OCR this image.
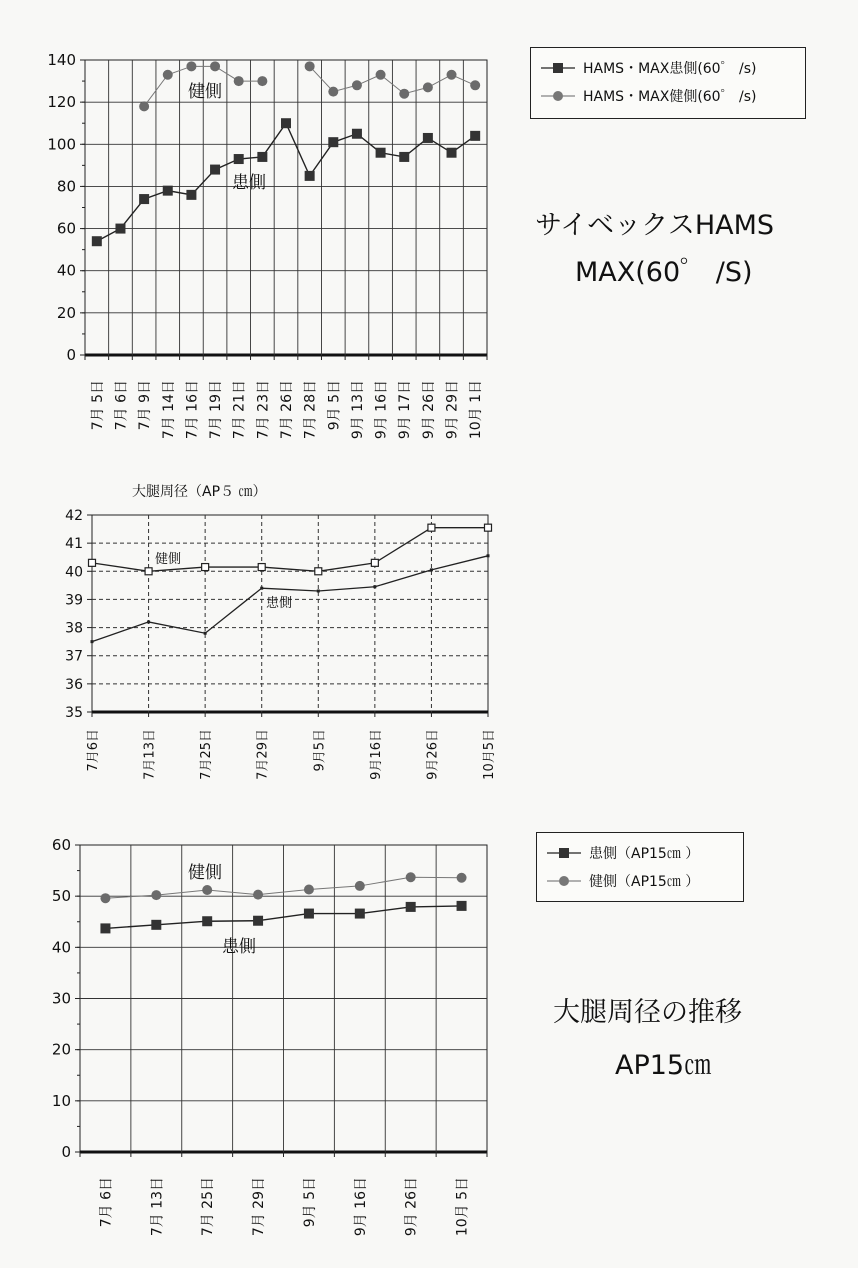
0
20
40
60
80
100
120
140
7月 5日 7月 6日 7月 9日 7月 14日 7月 16日 7月 19日 7月 21日 7月 23日 7月 26日 7月 28日 9月 5日 9月 13日 9月 16日 9月 17日 9月 26日 9月 29日 10月 1日
患側
健側
35
36
37
38
39
40
41
42
7月6日	7月13日	7月25日	7月29日	9月5日	9月16日	9月26日	10月5日
健側
患側
0
10
20
30
40
50
60
7月 6日 7月 13日 7月 25日 7月 29日 9月 5日 9月 16日 9月 26日 10月 5日
患側
健側
HAMS・MAX患側(60゜ /s)
HAMS・MAX健側(60゜ /s)
サイベックスHAMS
MAX(60゜ /S)
大腿周径（AP５ ㎝）
患側（AP15㎝ ）
健側（AP15㎝ ）
大腿周径の推移
AP15㎝
